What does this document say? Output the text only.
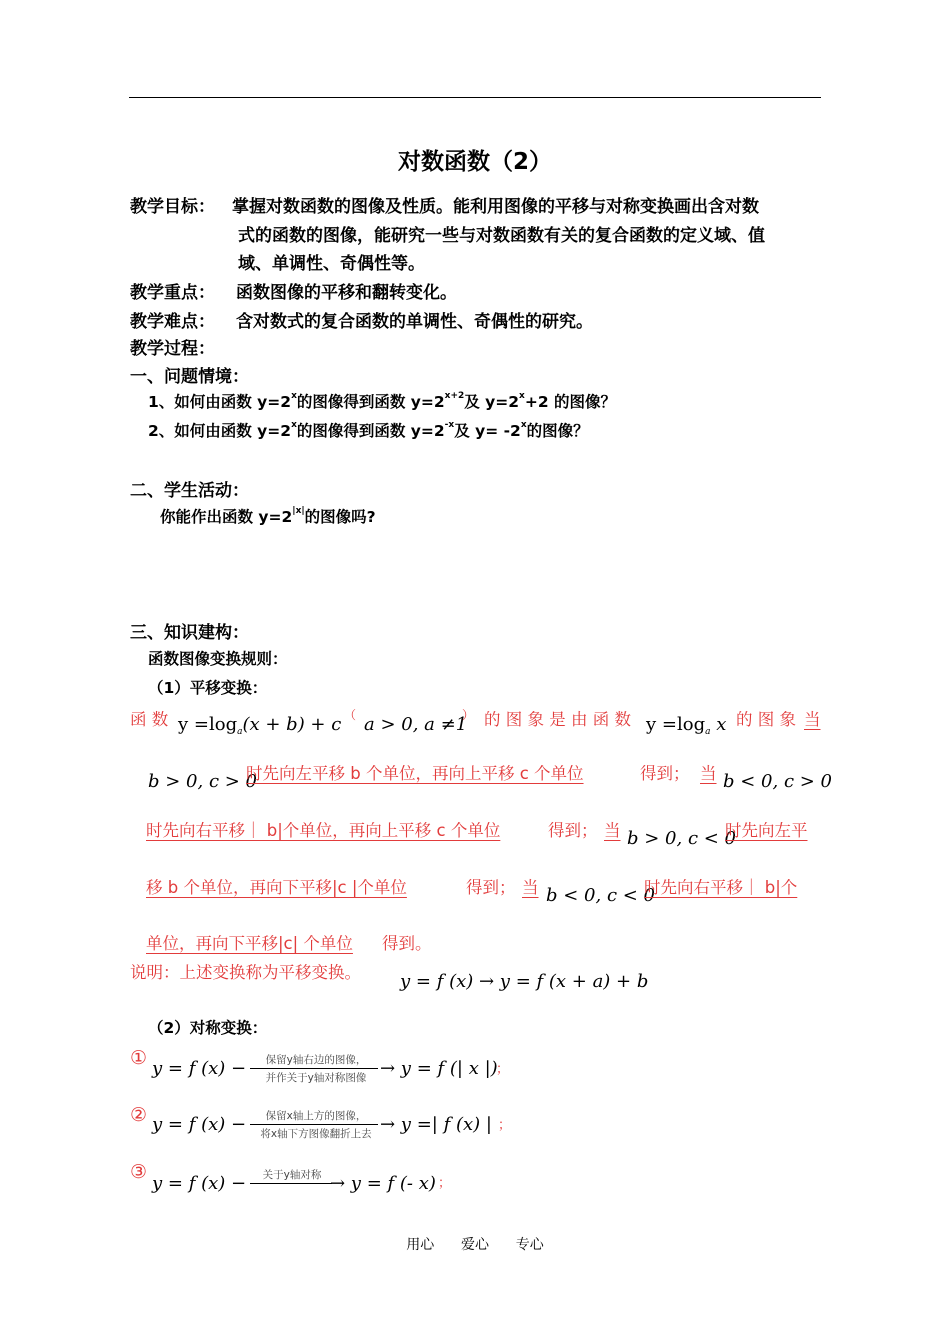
对数函数（2）
教学目标： 掌握对数函数的图像及性质。能利用图像的平移与对称变换画出含对数
式的函数的图像，能研究一些与对数函数有关的复合函数的定义域、值
域、单调性、奇偶性等。
教学重点： 函数图像的平移和翻转变化。
教学难点： 含对数式的复合函数的单调性、奇偶性的研究。
教学过程：
一、问题情境：
1、如何由函数 $y=2^x$的图像得到函数 $y=2^{x+2}$及 $y=2^x+2$ 的图像？
2、如何由函数 $y=2^x$的图像得到函数 $y=2^{-x}$及 $y= -2^x$的图像？
二、学生活动：
你能作出函数 $y=2^{|x|}$的图像吗?
三、知识建构：
函数图像变换规则：
（1）平移变换：
函 数 $y =\log_a(x + b) + c$ （ a > 0, a ≠1
） 的 图 象 是 由 函 数 $y =\log_a$ x 的 图 象 当
b > 0, c > 0
时先向左平移 b 个单位，再向上平移 c 个单位	得到； 当 b < 0, c > 0
时先向右平移｜ b|个单位，再向上平移 c 个单位	得到； 当 b > 0, c < 0
时先向左平
移 b 个单位，再向下平移|c |个单位	得到； 当 b < 0, c < 0
时先向右平移｜ b|个
单位，再向下平移|c| 个单位 得到。
说明：上述变换称为平移变换。 y = f (x) → y = f (x + a) + b
（2）对称变换：
① y = f (x) −	保留y轴右边的图像，
并作关于y轴对称图像 → y = f (| x |)
；
② y = f (x) −	保留x轴上方的图像，
将x轴下方图像翻折上去 → y =| f (x) | ；
③
y = f (x) −	关于y轴对称 → y = f (- x) ；
用心      爱心      专心
